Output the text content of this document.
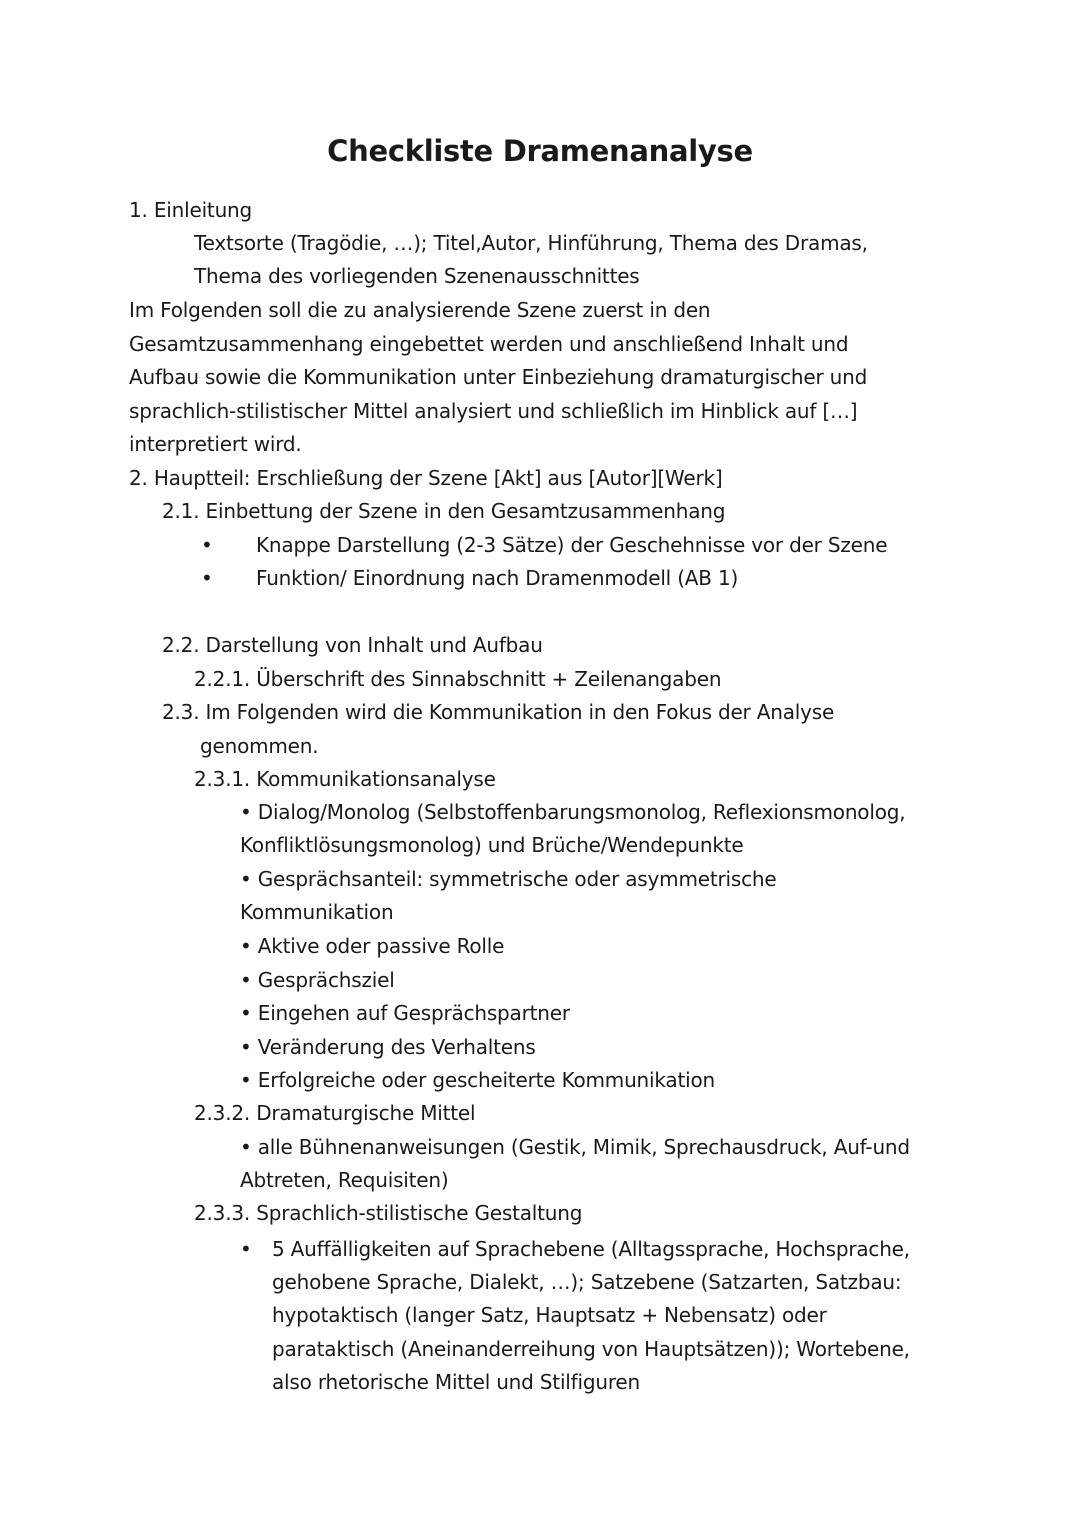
Checkliste Dramenanalyse

1. Einleitung

Textsorte (Tragödie, …); Titel,Autor, Hinführung, Thema des Dramas,

Thema des vorliegenden Szenenausschnittes

Im Folgenden soll die zu analysierende Szene zuerst in den

Gesamtzusammenhang eingebettet werden und anschließend Inhalt und

Aufbau sowie die Kommunikation unter Einbeziehung dramaturgischer und

sprachlich-stilistischer Mittel analysiert und schließlich im Hinblick auf […]

interpretiert wird.

2. Hauptteil: Erschließung der Szene [Akt] aus [Autor][Werk]

2.1. Einbettung der Szene in den Gesamtzusammenhang

• Knappe Darstellung (2-3 Sätze) der Geschehnisse vor der Szene

• Funktion/ Einordnung nach Dramenmodell (AB 1)

2.2. Darstellung von Inhalt und Aufbau

2.2.1. Überschrift des Sinnabschnitt + Zeilenangaben

2.3. Im Folgenden wird die Kommunikation in den Fokus der Analyse

genommen.

2.3.1. Kommunikationsanalyse

• Dialog/Monolog (Selbstoffenbarungsmonolog, Reflexionsmonolog,

Konfliktlösungsmonolog) und Brüche/Wendepunkte

• Gesprächsanteil: symmetrische oder asymmetrische

Kommunikation

• Aktive oder passive Rolle

• Gesprächsziel

• Eingehen auf Gesprächspartner

• Veränderung des Verhaltens

• Erfolgreiche oder gescheiterte Kommunikation

2.3.2. Dramaturgische Mittel

• alle Bühnenanweisungen (Gestik, Mimik, Sprechausdruck, Auf-und

Abtreten, Requisiten)

2.3.3. Sprachlich-stilistische Gestaltung

• 5 Auffälligkeiten auf Sprachebene (Alltagssprache, Hochsprache,

gehobene Sprache, Dialekt, …); Satzebene (Satzarten, Satzbau:

hypotaktisch (langer Satz, Hauptsatz + Nebensatz) oder

parataktisch (Aneinanderreihung von Hauptsätzen)); Wortebene,

also rhetorische Mittel und Stilfiguren
